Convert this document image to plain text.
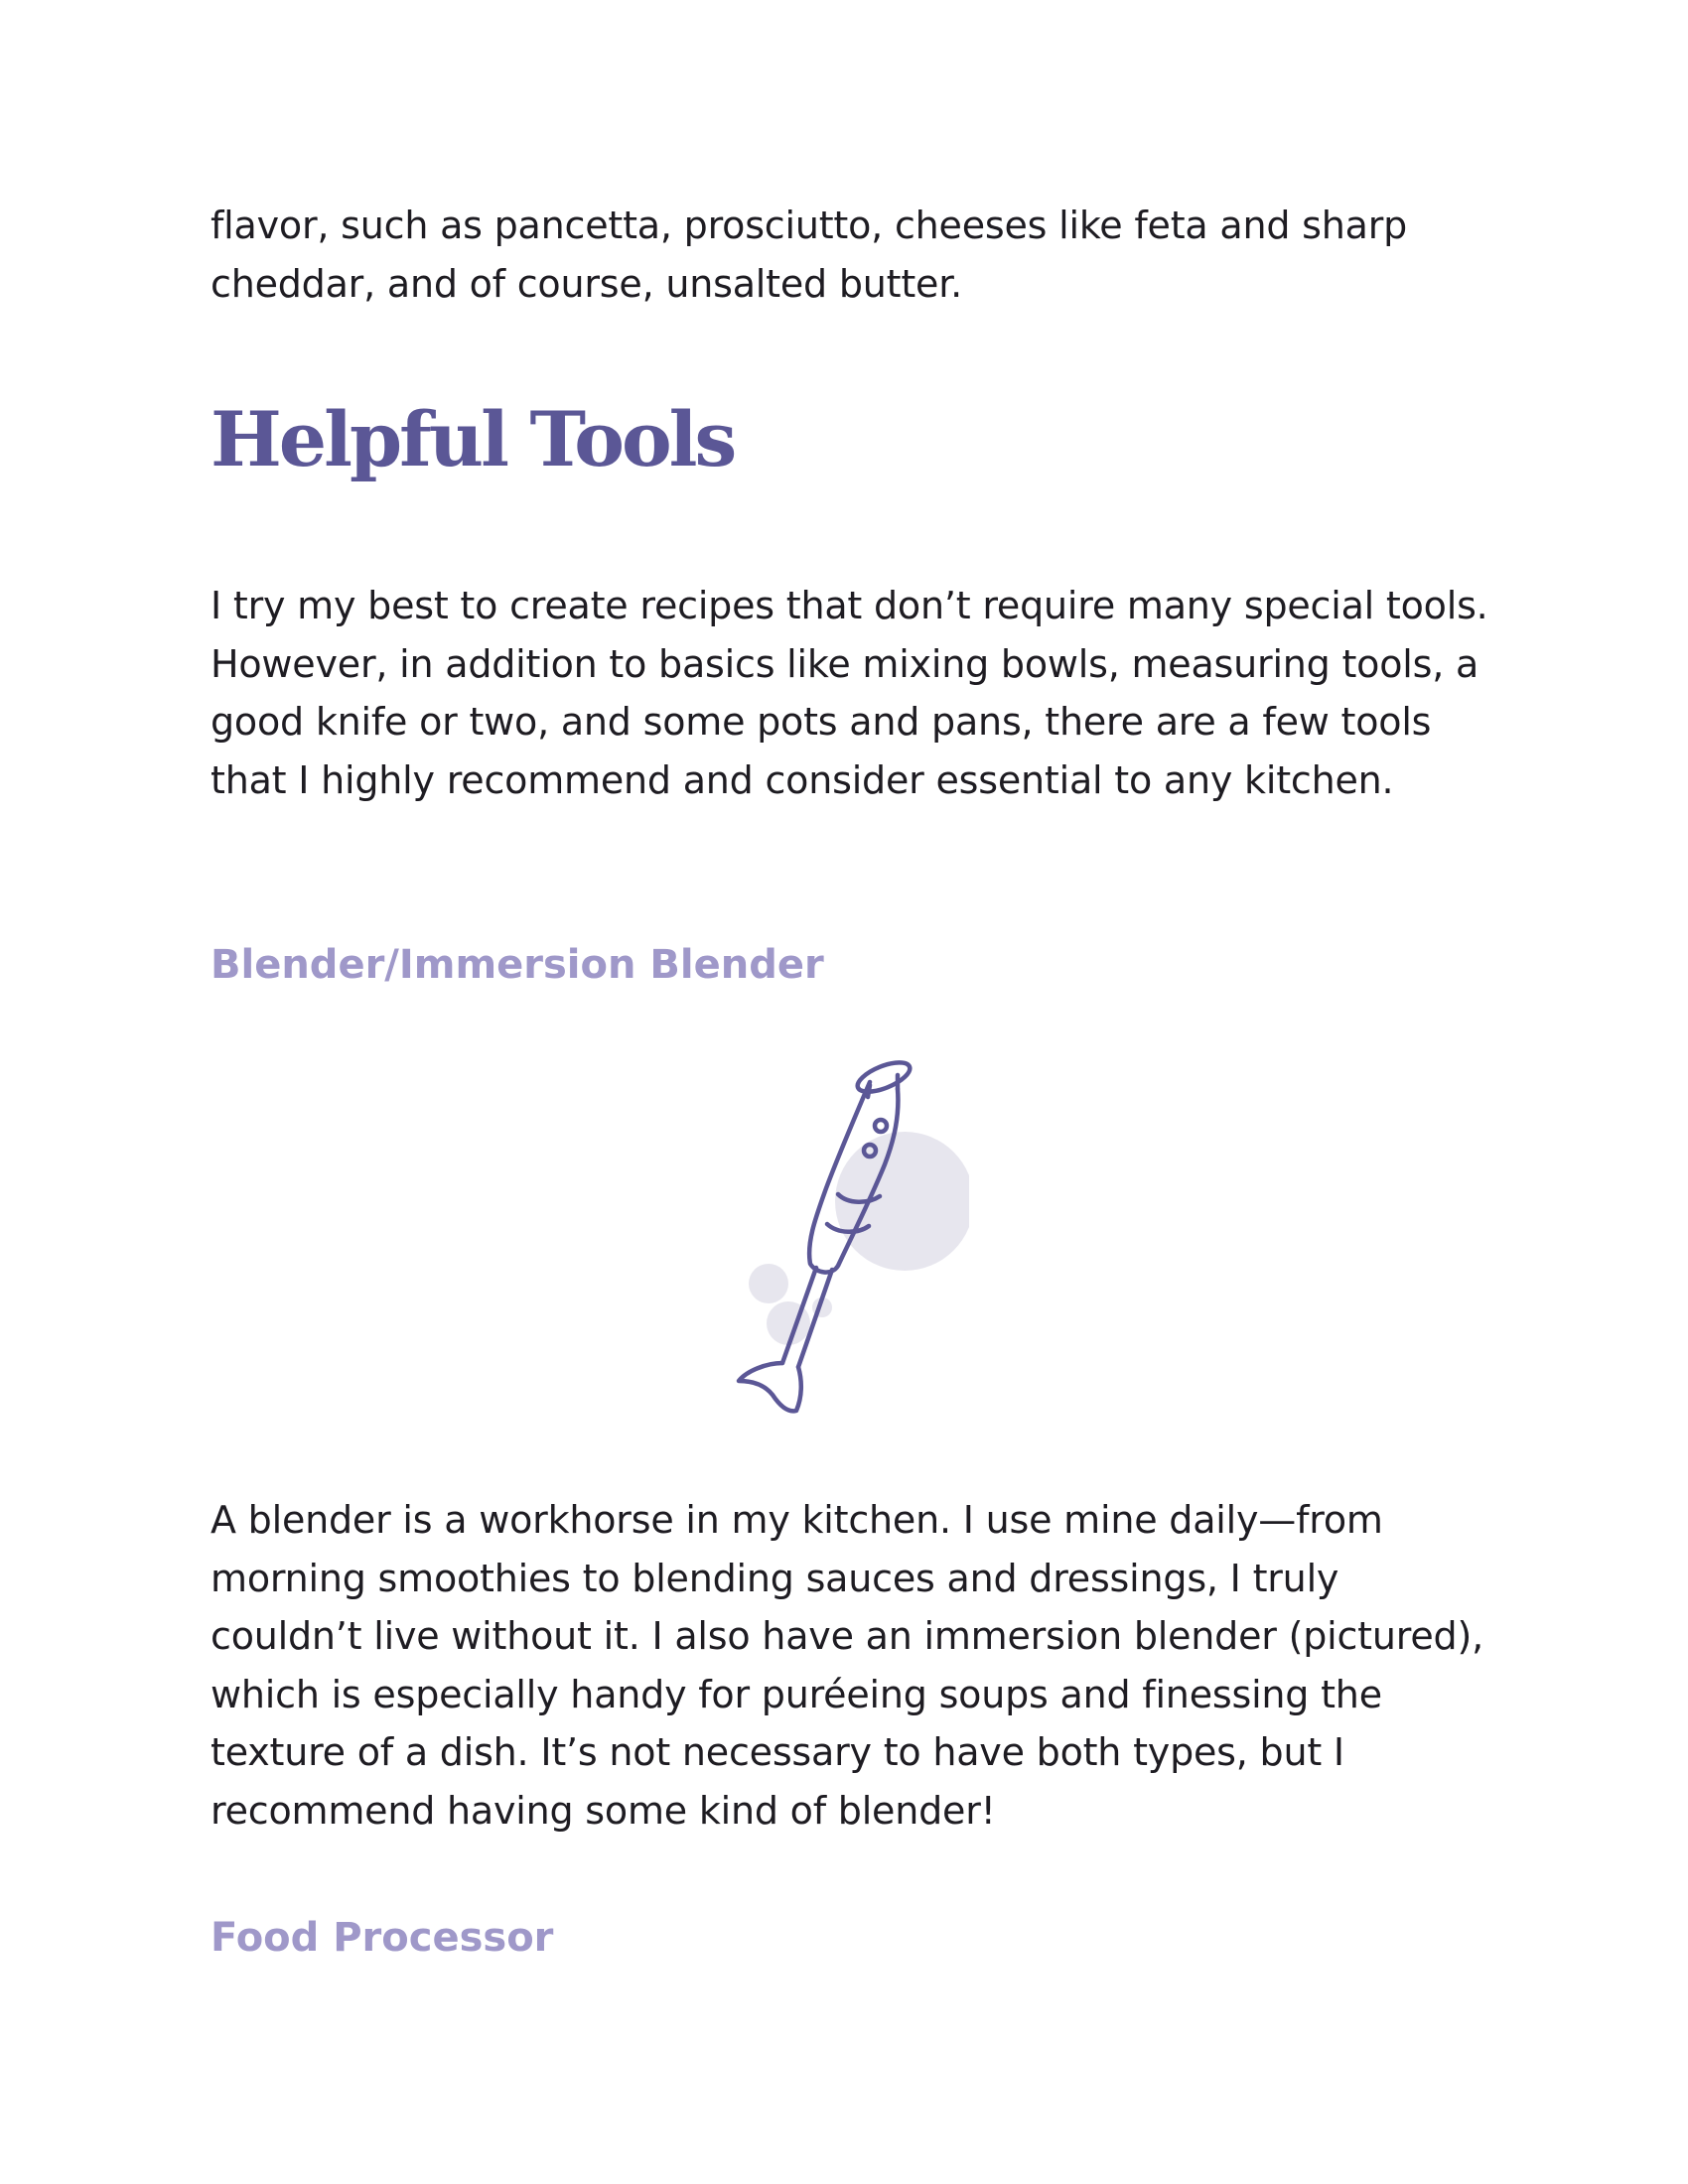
flavor, such as pancetta, prosciutto, cheeses like feta and sharp cheddar, and of course, unsalted butter.

Helpful Tools

I try my best to create recipes that don’t require many special tools. However, in addition to basics like mixing bowls, measuring tools, a good knife or two, and some pots and pans, there are a few tools that I highly recommend and consider essential to any kitchen.

Blender/Immersion Blender

A blender is a workhorse in my kitchen. I use mine daily—from morning smoothies to blending sauces and dressings, I truly couldn’t live without it. I also have an immersion blender (pictured), which is especially handy for puréeing soups and finessing the texture of a dish. It’s not necessary to have both types, but I recommend having some kind of blender!

Food Processor
